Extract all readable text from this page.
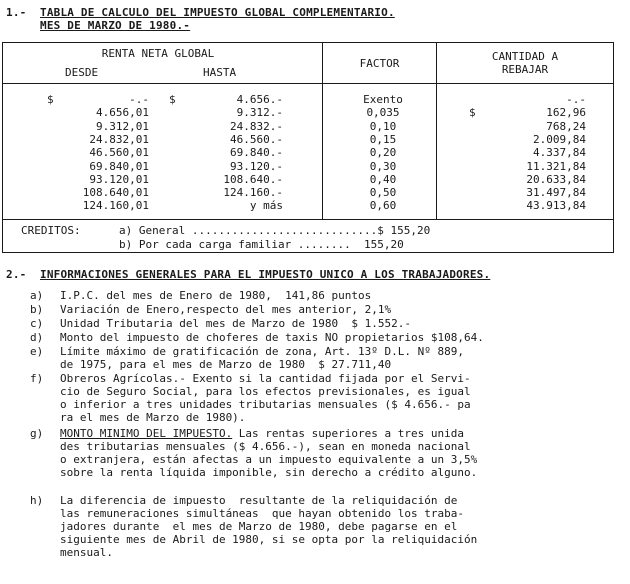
1.- TABLA DE CALCULO DEL IMPUESTO GLOBAL COMPLEMENTARIO.
MES DE MARZO DE 1980.-
RENTA NETA GLOBAL
DESDE	HASTA
FACTOR
CANTIDAD A
REBAJAR
$	-.- $	4.656.-	Exento	-.-
4.656,01	9.312.-	0,035	$	162,96
9.312,01	24.832.-	0,10	768,24
24.832,01	46.560.-	0,15	2.009,84
46.560,01	69.840.-	0,20	4.337,84
69.840,01	93.120.-	0,30	11.321,84
93.120,01	108.640.-	0,40	20.633,84
108.640,01	124.160.-	0,50	31.497,84
124.160,01	y más	0,60	43.913,84
CREDITOS:	a) General ............................$ 155,20
b) Por cada carga familiar ........  155,20
2.- INFORMACIONES GENERALES PARA EL IMPUESTO UNICO A LOS TRABAJADORES.
a) I.P.C. del mes de Enero de 1980,  141,86 puntos
b) Variación de Enero,respecto del mes anterior, 2,1%
c) Unidad Tributaria del mes de Marzo de 1980  $ 1.552.-
d) Monto del impuesto de choferes de taxis NO propietarios $108,64.
e) Límite máximo de gratificación de zona, Art. 13º D.L. Nº 889,
de 1975, para el mes de Marzo de 1980  $ 27.711,40
f) Obreros Agrícolas.- Exento si la cantidad fijada por el Servi-
cio de Seguro Social, para los efectos previsionales, es igual
o inferior a tres unidades tributarias mensuales ($ 4.656.- pa
ra el mes de Marzo de 1980).
g) MONTO MINIMO DEL IMPUESTO. Las rentas superiores a tres unida
des tributarias mensuales ($ 4.656.-), sean en moneda nacional
o extranjera, están afectas a un impuesto equivalente a un 3,5%
sobre la renta líquida imponible, sin derecho a crédito alguno.
h) La diferencia de impuesto  resultante de la reliquidación de
las remuneraciones simultáneas  que hayan obtenido los traba-
jadores durante  el mes de Marzo de 1980, debe pagarse en el
siguiente mes de Abril de 1980, si se opta por la reliquidación
mensual.
